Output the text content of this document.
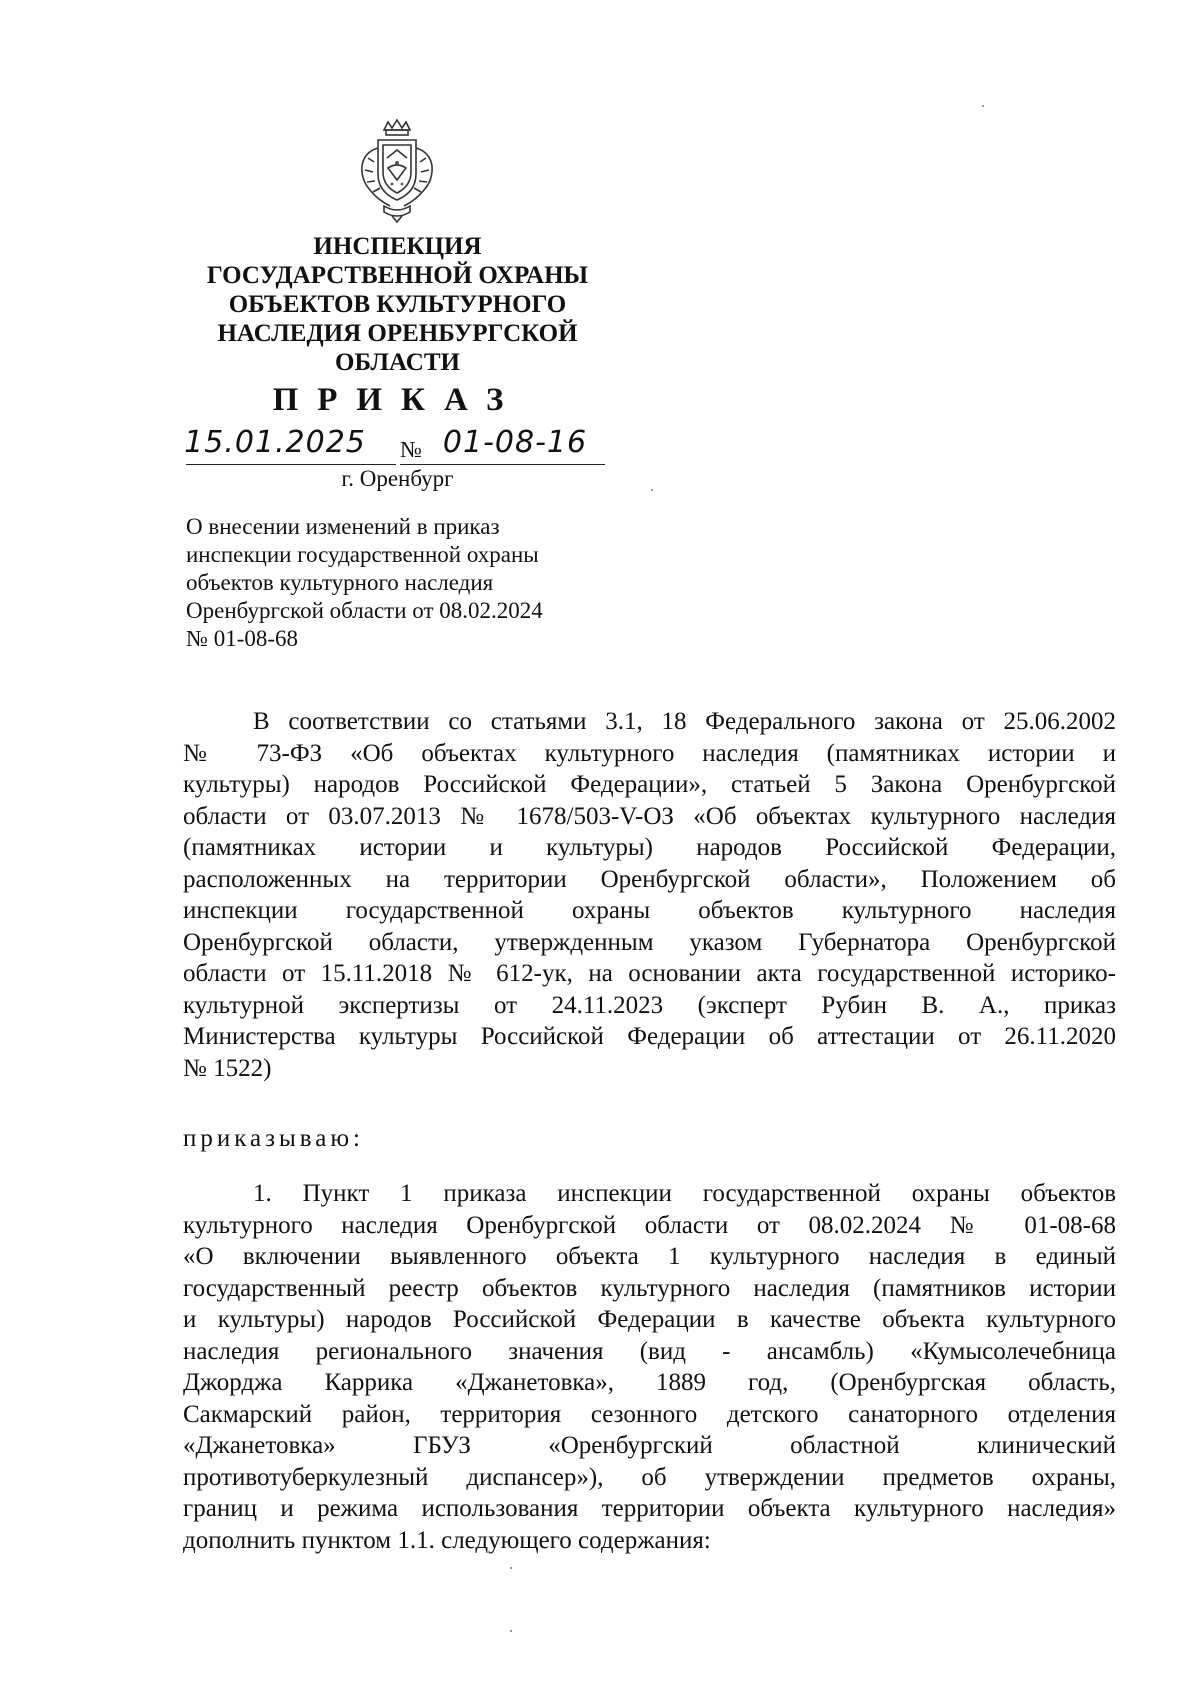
ИНСПЕКЦИЯ
ГОСУДАРСТВЕННОЙ ОХРАНЫ
ОБЪЕКТОВ КУЛЬТУРНОГО
НАСЛЕДИЯ ОРЕНБУРГСКОЙ
ОБЛАСТИ
ПРИКАЗ
15.01.2025	№ 01-08-16
г. Оренбург
О внесении изменений в приказ
инспекции государственной охраны
объектов культурного наследия
Оренбургской области от 08.02.2024
№ 01-08-68
В соответствии со статьями 3.1, 18 Федерального закона от 25.06.2002
№ 73-ФЗ «Об объектах культурного наследия (памятниках истории и
культуры) народов Российской Федерации», статьей 5 Закона Оренбургской
области от 03.07.2013 № 1678/503-V-ОЗ «Об объектах культурного наследия
(памятниках истории и культуры) народов Российской Федерации,
расположенных на территории Оренбургской области», Положением об
инспекции государственной охраны объектов культурного наследия
Оренбургской области, утвержденным указом Губернатора Оренбургской
области от 15.11.2018 № 612-ук, на основании акта государственной историко-
культурной экспертизы от 24.11.2023 (эксперт Рубин В. А., приказ
Министерства культуры Российской Федерации об аттестации от 26.11.2020
№ 1522)
приказываю:
1. Пункт 1 приказа инспекции государственной охраны объектов
культурного наследия Оренбургской области от 08.02.2024 № 01-08-68
«О включении выявленного объекта 1 культурного наследия в единый
государственный реестр объектов культурного наследия (памятников истории
и культуры) народов Российской Федерации в качестве объекта культурного
наследия регионального значения (вид - ансамбль) «Кумысолечебница
Джорджа Каррика «Джанетовка», 1889 год, (Оренбургская область,
Сакмарский район, территория сезонного детского санаторного отделения
«Джанетовка» ГБУЗ «Оренбургский областной клинический
противотуберкулезный диспансер»), об утверждении предметов охраны,
границ и режима использования территории объекта культурного наследия»
дополнить пунктом 1.1. следующего содержания:
